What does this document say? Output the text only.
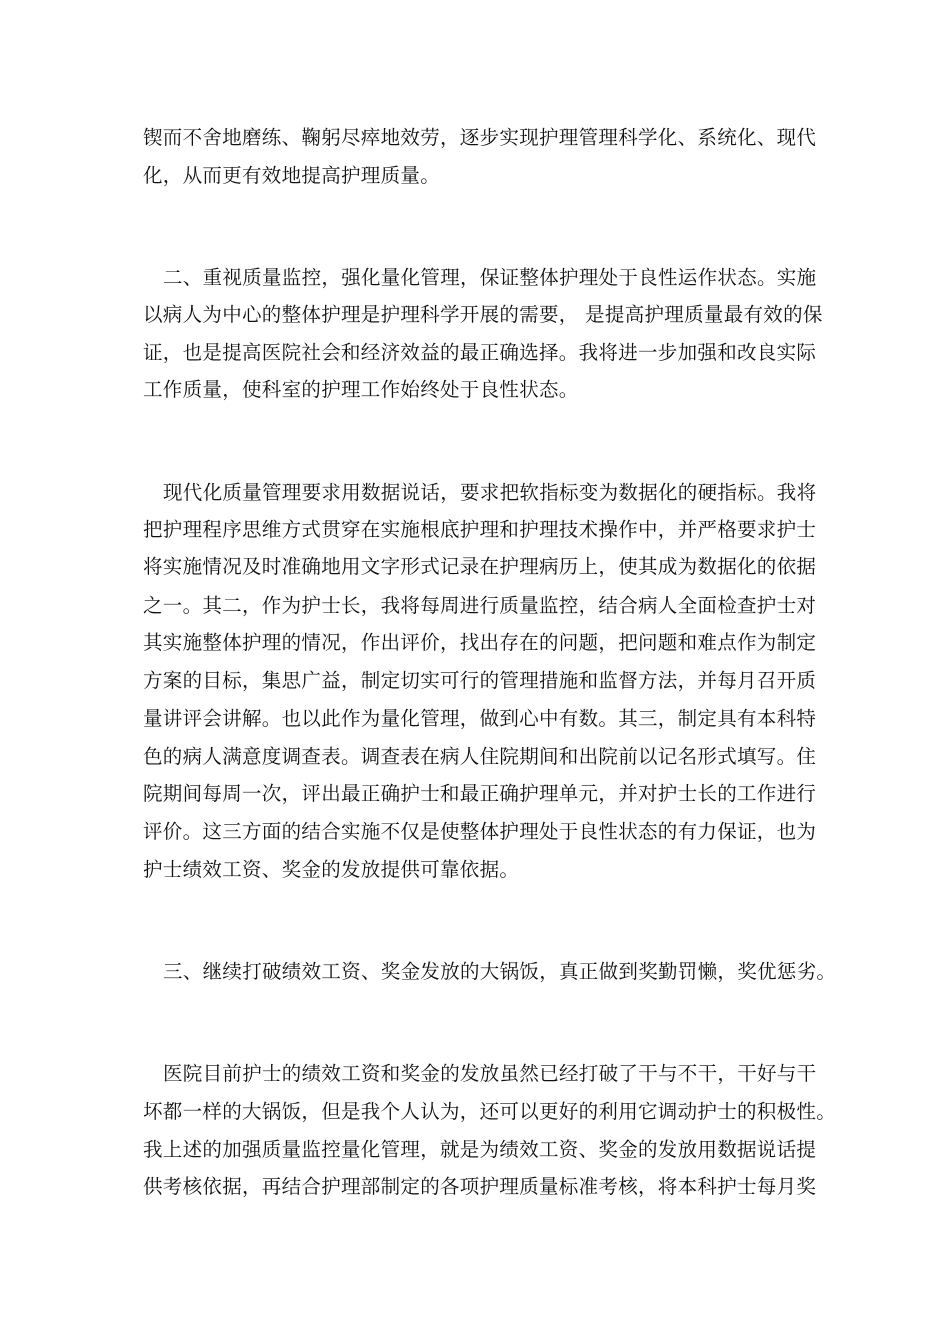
锲而不舍地磨练、鞠躬尽瘁地效劳，逐步实现护理管理科学化、系统化、现代

化，从而更有效地提高护理质量。

二、重视质量监控，强化量化管理，保证整体护理处于良性运作状态。实施

以病人为中心的整体护理是护理科学开展的需要， 是提高护理质量最有效的保

证，也是提高医院社会和经济效益的最正确选择。我将进一步加强和改良实际

工作质量，使科室的护理工作始终处于良性状态。

现代化质量管理要求用数据说话，要求把软指标变为数据化的硬指标。我将

把护理程序思维方式贯穿在实施根底护理和护理技术操作中，并严格要求护士

将实施情况及时准确地用文字形式记录在护理病历上，使其成为数据化的依据

之一。其二，作为护士长，我将每周进行质量监控，结合病人全面检查护士对

其实施整体护理的情况，作出评价，找出存在的问题，把问题和难点作为制定

方案的目标，集思广益，制定切实可行的管理措施和监督方法，并每月召开质

量讲评会讲解。也以此作为量化管理，做到心中有数。其三，制定具有本科特

色的病人满意度调查表。调查表在病人住院期间和出院前以记名形式填写。住

院期间每周一次，评出最正确护士和最正确护理单元，并对护士长的工作进行

评价。这三方面的结合实施不仅是使整体护理处于良性状态的有力保证，也为

护士绩效工资、奖金的发放提供可靠依据。

三、继续打破绩效工资、奖金发放的大锅饭，真正做到奖勤罚懒，奖优惩劣。

医院目前护士的绩效工资和奖金的发放虽然已经打破了干与不干，干好与干

坏都一样的大锅饭，但是我个人认为，还可以更好的利用它调动护士的积极性。

我上述的加强质量监控量化管理，就是为绩效工资、奖金的发放用数据说话提

供考核依据，再结合护理部制定的各项护理质量标准考核，将本科护士每月奖
